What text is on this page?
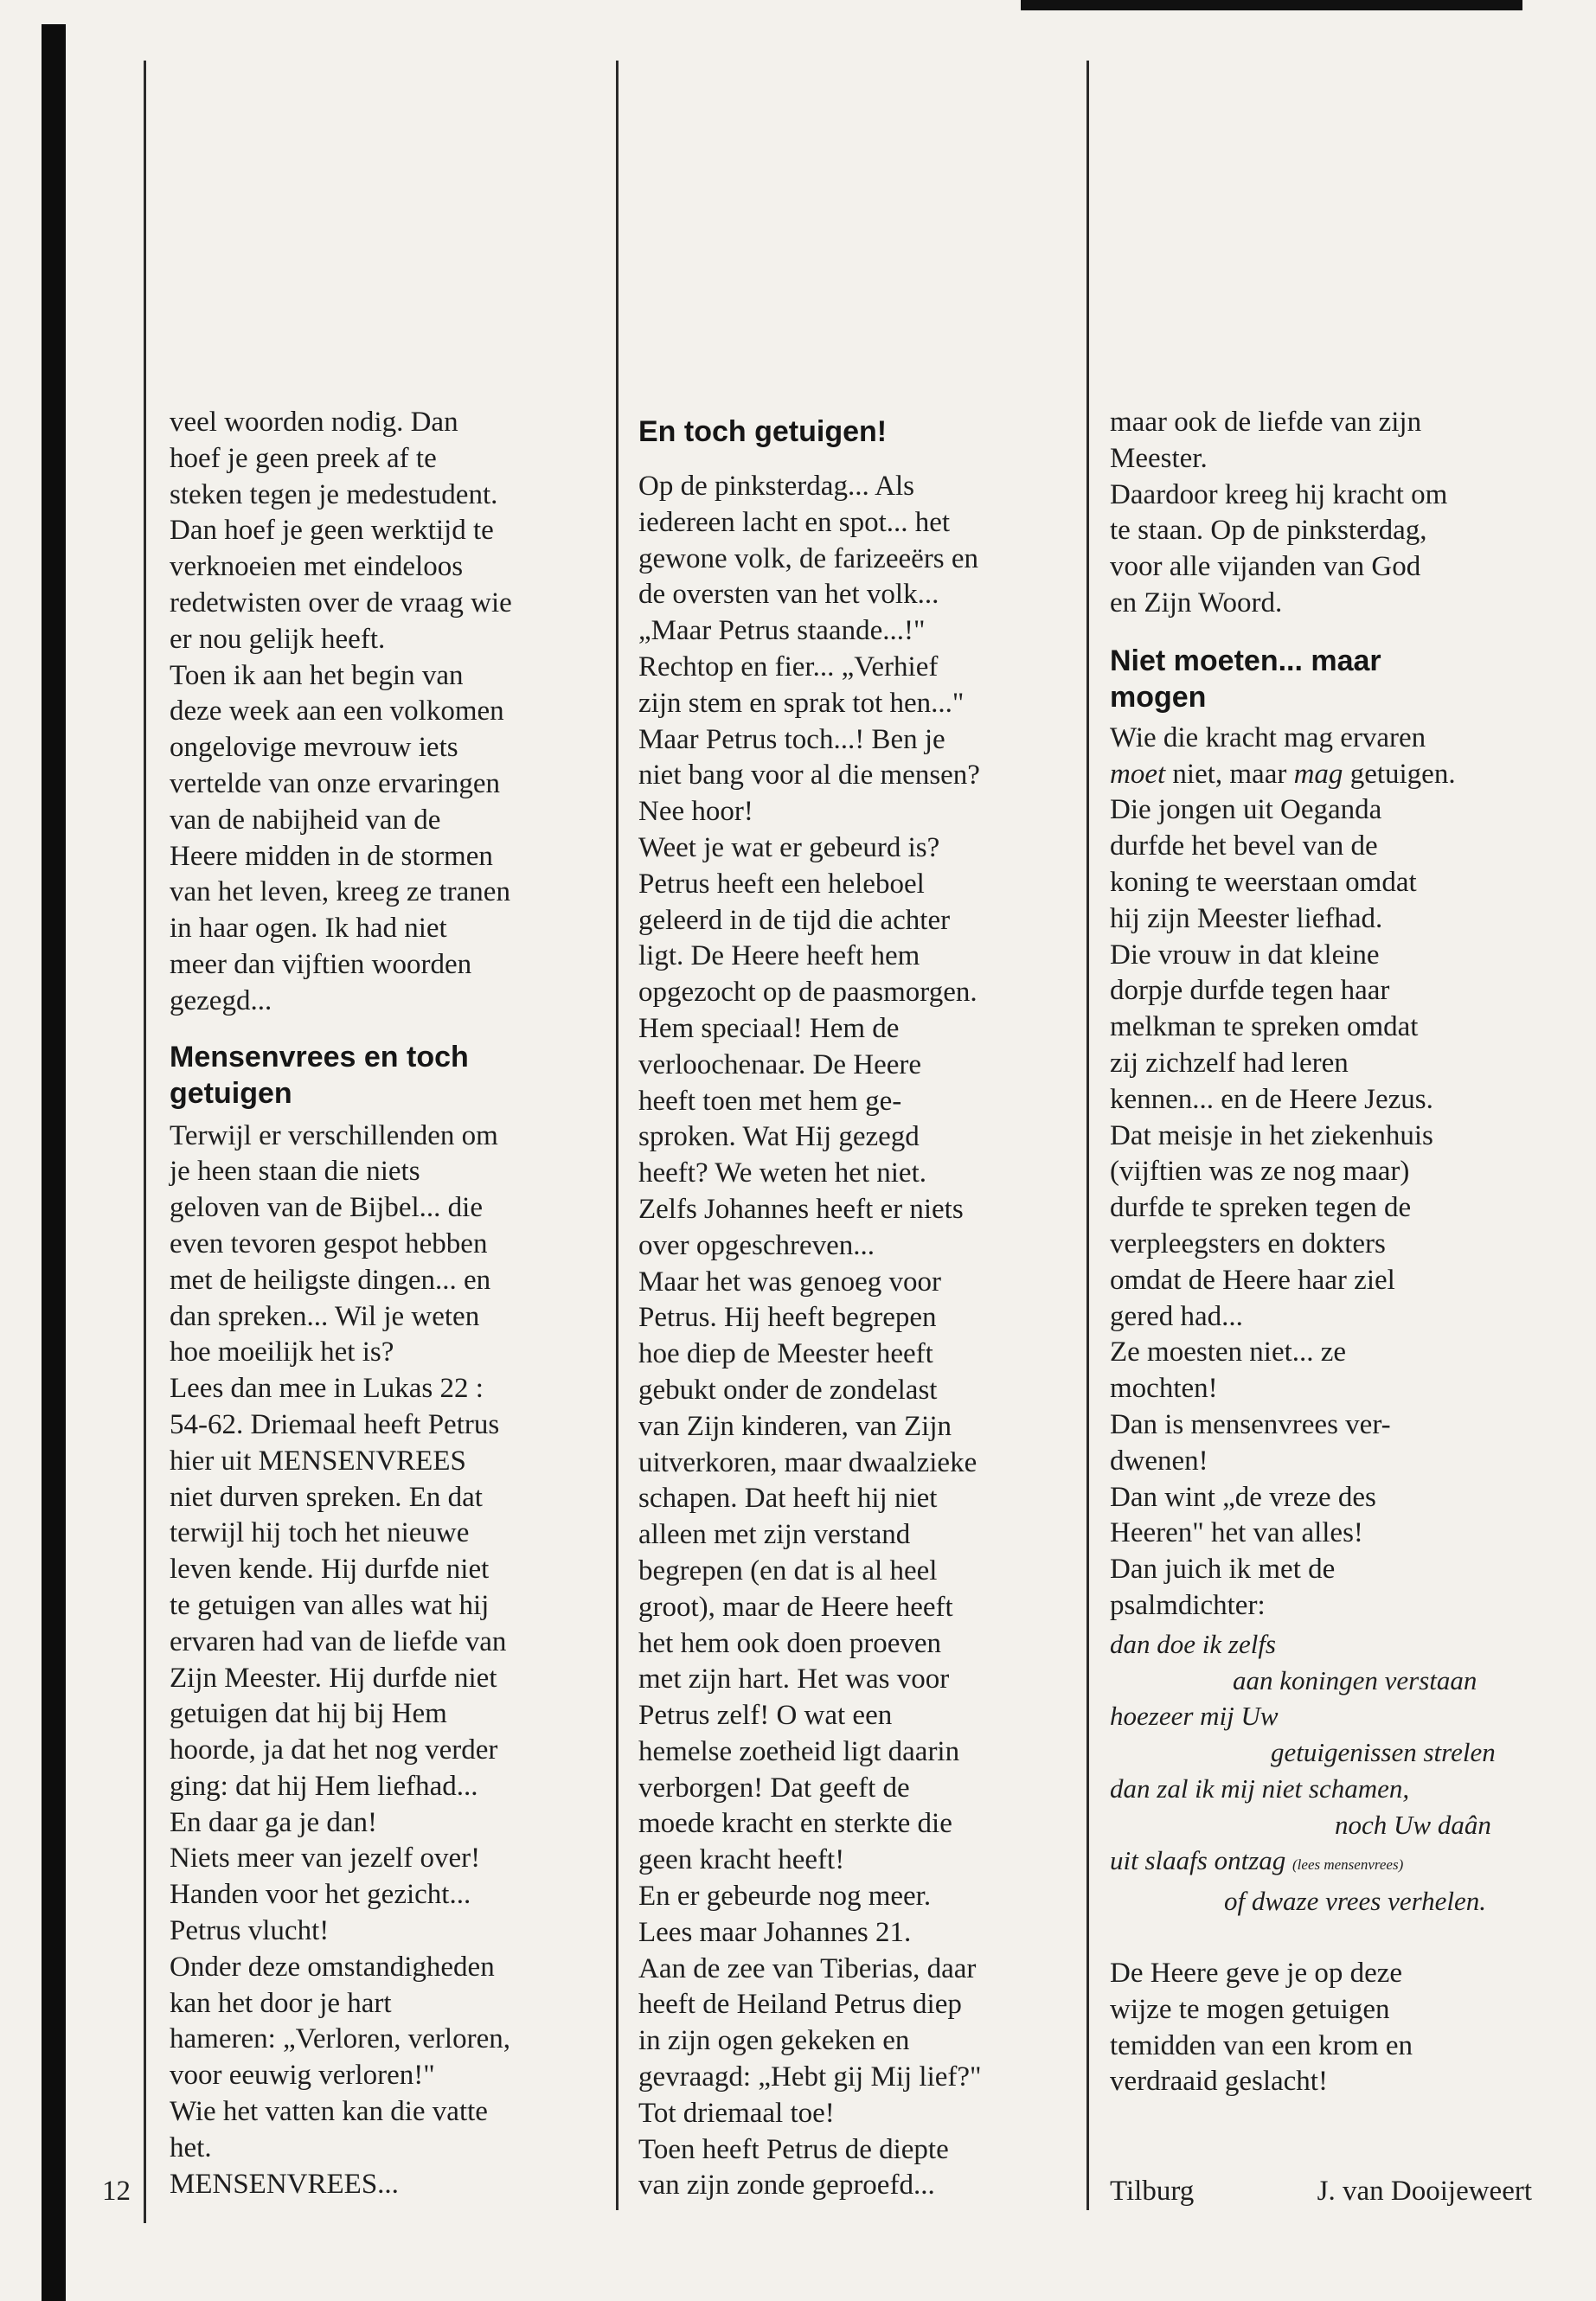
veel woorden nodig. Dan
hoef je geen preek af te
steken tegen je medestudent.
Dan hoef je geen werktijd te
verknoeien met eindeloos
redetwisten over de vraag wie
er nou gelijk heeft.
Toen ik aan het begin van
deze week aan een volkomen
ongelovige mevrouw iets
vertelde van onze ervaringen
van de nabijheid van de
Heere midden in de stormen
van het leven, kreeg ze tranen
in haar ogen. Ik had niet
meer dan vijftien woorden
gezegd...

Mensenvrees en toch
getuigen

Terwijl er verschillenden om
je heen staan die niets
geloven van de Bijbel... die
even tevoren gespot hebben
met de heiligste dingen... en
dan spreken... Wil je weten
hoe moeilijk het is?
Lees dan mee in Lukas 22 :
54-62. Driemaal heeft Petrus
hier uit MENSENVREES
niet durven spreken. En dat
terwijl hij toch het nieuwe
leven kende. Hij durfde niet
te getuigen van alles wat hij
ervaren had van de liefde van
Zijn Meester. Hij durfde niet
getuigen dat hij bij Hem
hoorde, ja dat het nog verder
ging: dat hij Hem liefhad...
En daar ga je dan!
Niets meer van jezelf over!
Handen voor het gezicht...
Petrus vlucht!
Onder deze omstandigheden
kan het door je hart
hameren: „Verloren, verloren,
voor eeuwig verloren!"
Wie het vatten kan die vatte
het.
MENSENVREES...

En toch getuigen!

Op de pinksterdag... Als
iedereen lacht en spot... het
gewone volk, de farizeeërs en
de oversten van het volk...
„Maar Petrus staande...!"
Rechtop en fier... „Verhief
zijn stem en sprak tot hen..."
Maar Petrus toch...! Ben je
niet bang voor al die mensen?
Nee hoor!
Weet je wat er gebeurd is?
Petrus heeft een heleboel
geleerd in de tijd die achter
ligt. De Heere heeft hem
opgezocht op de paasmorgen.
Hem speciaal! Hem de
verloochenaar. De Heere
heeft toen met hem ge-
sproken. Wat Hij gezegd
heeft? We weten het niet.
Zelfs Johannes heeft er niets
over opgeschreven...
Maar het was genoeg voor
Petrus. Hij heeft begrepen
hoe diep de Meester heeft
gebukt onder de zondelast
van Zijn kinderen, van Zijn
uitverkoren, maar dwaalzieke
schapen. Dat heeft hij niet
alleen met zijn verstand
begrepen (en dat is al heel
groot), maar de Heere heeft
het hem ook doen proeven
met zijn hart. Het was voor
Petrus zelf! O wat een
hemelse zoetheid ligt daarin
verborgen! Dat geeft de
moede kracht en sterkte die
geen kracht heeft!
En er gebeurde nog meer.
Lees maar Johannes 21.
Aan de zee van Tiberias, daar
heeft de Heiland Petrus diep
in zijn ogen gekeken en
gevraagd: „Hebt gij Mij lief?"
Tot driemaal toe!
Toen heeft Petrus de diepte
van zijn zonde geproefd...

maar ook de liefde van zijn
Meester.
Daardoor kreeg hij kracht om
te staan. Op de pinksterdag,
voor alle vijanden van God
en Zijn Woord.

Niet moeten... maar
mogen

Wie die kracht mag ervaren
moet niet, maar mag getuigen.

Die jongen uit Oeganda
durfde het bevel van de
koning te weerstaan omdat
hij zijn Meester liefhad.
Die vrouw in dat kleine
dorpje durfde tegen haar
melkman te spreken omdat
zij zichzelf had leren
kennen... en de Heere Jezus.
Dat meisje in het ziekenhuis
(vijftien was ze nog maar)
durfde te spreken tegen de
verpleegsters en dokters
omdat de Heere haar ziel
gered had...
Ze moesten niet... ze
mochten!
Dan is mensenvrees ver-
dwenen!
Dan wint „de vreze des
Heeren" het van alles!
Dan juich ik met de
psalmdichter:

dan doe ik zelfs
aan koningen verstaan
hoezeer mij Uw
getuigenissen strelen
dan zal ik mij niet schamen,
noch Uw daân
uit slaafs ontzag (lees mensenvrees)
of dwaze vrees verhelen.

De Heere geve je op deze
wijze te mogen getuigen
temidden van een krom en
verdraaid geslacht!

12	Tilburg	J. van Dooijeweert
